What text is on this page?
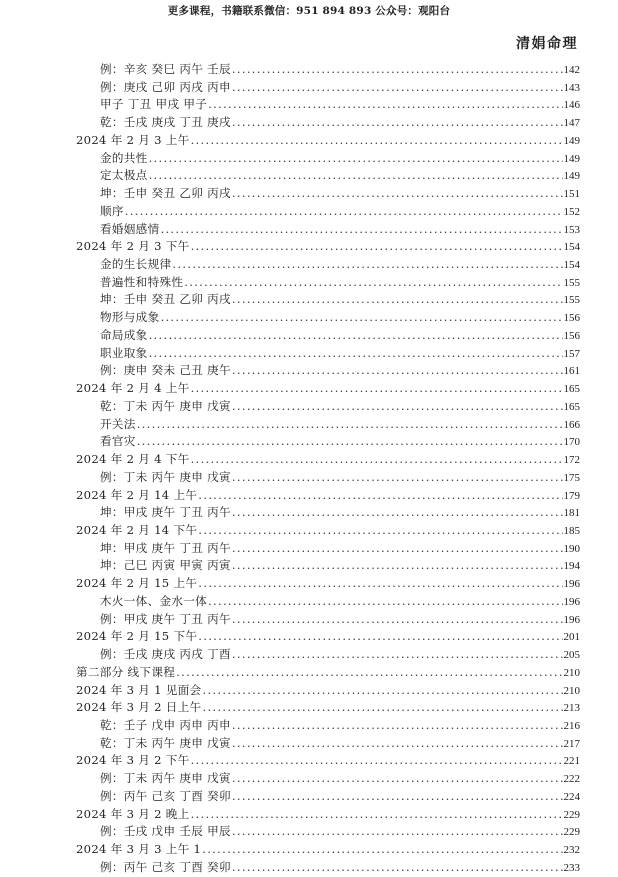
更多课程，书籍联系微信：951 894 893 公众号：观阳台
清娟命理
例：辛亥 癸巳 丙午 壬辰 . . .	142
例：庚戌 己卯 丙戌 丙申 . . .	143
甲子 丁丑 甲戌 甲子 . . .	146
乾：壬戌 庚戌 丁丑 庚戌 . . .	147
2024 年 2 月 3 上午 . . .	149
金的共性 . . .	149
定太极点 . . .	149
坤：壬申 癸丑 乙卯 丙戌 . . .	151
顺序 . . .	152
看婚姻感情 . . .	153
2024 年 2 月 3 下午 . . .	154
金的生长规律 . . .	154
普遍性和特殊性 . . .	155
坤：壬申 癸丑 乙卯 丙戌 . . .	155
物形与成象 . . .	156
命局成象 . . .	156
职业取象 . . .	157
例：庚申 癸未 己丑 庚午 . . .	161
2024 年 2 月 4 上午 . . .	165
乾：丁未 丙午 庚申 戊寅 . . .	165
开关法 . . .	166
看官灾 . . .	170
2024 年 2 月 4 下午 . . .	172
例：丁未 丙午 庚申 戊寅 . . .	175
2024 年 2 月 14 上午 . . .	179
坤：甲戌 庚午 丁丑 丙午 . . .	181
2024 年 2 月 14 下午 . . .	185
坤：甲戌 庚午 丁丑 丙午 . . .	190
坤：己巳 丙寅 甲寅 丙寅 . . .	194
2024 年 2 月 15 上午 . . .	196
木火一体、金水一体 . . .	196
例：甲戌 庚午 丁丑 丙午 . . .	196
2024 年 2 月 15 下午 . . .	201
例：壬戌 庚戌 丙戌 丁酉 . . .	205
第二部分 线下课程 . . .	210
2024 年 3 月 1 见面会 . . .	210
2024 年 3 月 2 日上午 . . .	213
乾：壬子 戊申 丙申 丙申 . . .	216
乾：丁未 丙午 庚申 戊寅 . . .	217
2024 年 3 月 2 下午 . . .	221
例：丁未 丙午 庚申 戊寅 . . .	222
例：丙午 己亥 丁酉 癸卯 . . .	224
2024 年 3 月 2 晚上 . . .	229
例：壬戌 戊申 壬辰 甲辰 . . .	229
2024 年 3 月 3 上午 1 . . .	232
例：丙午 己亥 丁酉 癸卯 . . .	233
